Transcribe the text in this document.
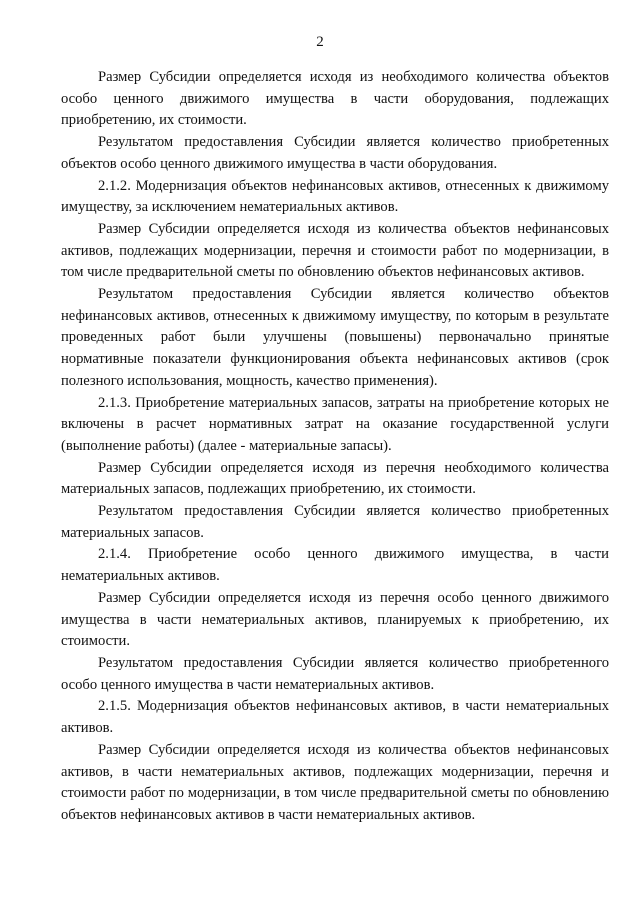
2

Размер Субсидии определяется исходя из необходимого количества объектов особо ценного движимого имущества в части оборудования, подлежащих приобретению, их стоимости.

Результатом предоставления Субсидии является количество приобретенных объектов особо ценного движимого имущества в части оборудования.

2.1.2. Модернизация объектов нефинансовых активов, отнесенных к движимому имуществу, за исключением нематериальных активов.

Размер Субсидии определяется исходя из количества объектов нефинансовых активов, подлежащих модернизации, перечня и стоимости работ по модернизации, в том числе предварительной сметы по обновлению объектов нефинансовых активов.

Результатом предоставления Субсидии является количество объектов нефинансовых активов, отнесенных к движимому имуществу, по которым в результате проведенных работ были улучшены (повышены) первоначально принятые нормативные показатели функционирования объекта нефинансовых активов (срок полезного использования, мощность, качество применения).

2.1.3. Приобретение материальных запасов, затраты на приобретение которых не включены в расчет нормативных затрат на оказание государственной услуги (выполнение работы) (далее - материальные запасы).

Размер Субсидии определяется исходя из перечня необходимого количества материальных запасов, подлежащих приобретению, их стоимости.

Результатом предоставления Субсидии является количество приобретенных материальных запасов.

2.1.4. Приобретение особо ценного движимого имущества, в части нематериальных активов.

Размер Субсидии определяется исходя из перечня особо ценного движимого имущества в части нематериальных активов, планируемых к приобретению, их стоимости.

Результатом предоставления Субсидии является количество приобретенного особо ценного имущества в части нематериальных активов.

2.1.5. Модернизация объектов нефинансовых активов, в части нематериальных активов.

Размер Субсидии определяется исходя из количества объектов нефинансовых активов, в части нематериальных активов, подлежащих модернизации, перечня и стоимости работ по модернизации, в том числе предварительной сметы по обновлению объектов нефинансовых активов в части нематериальных активов.
